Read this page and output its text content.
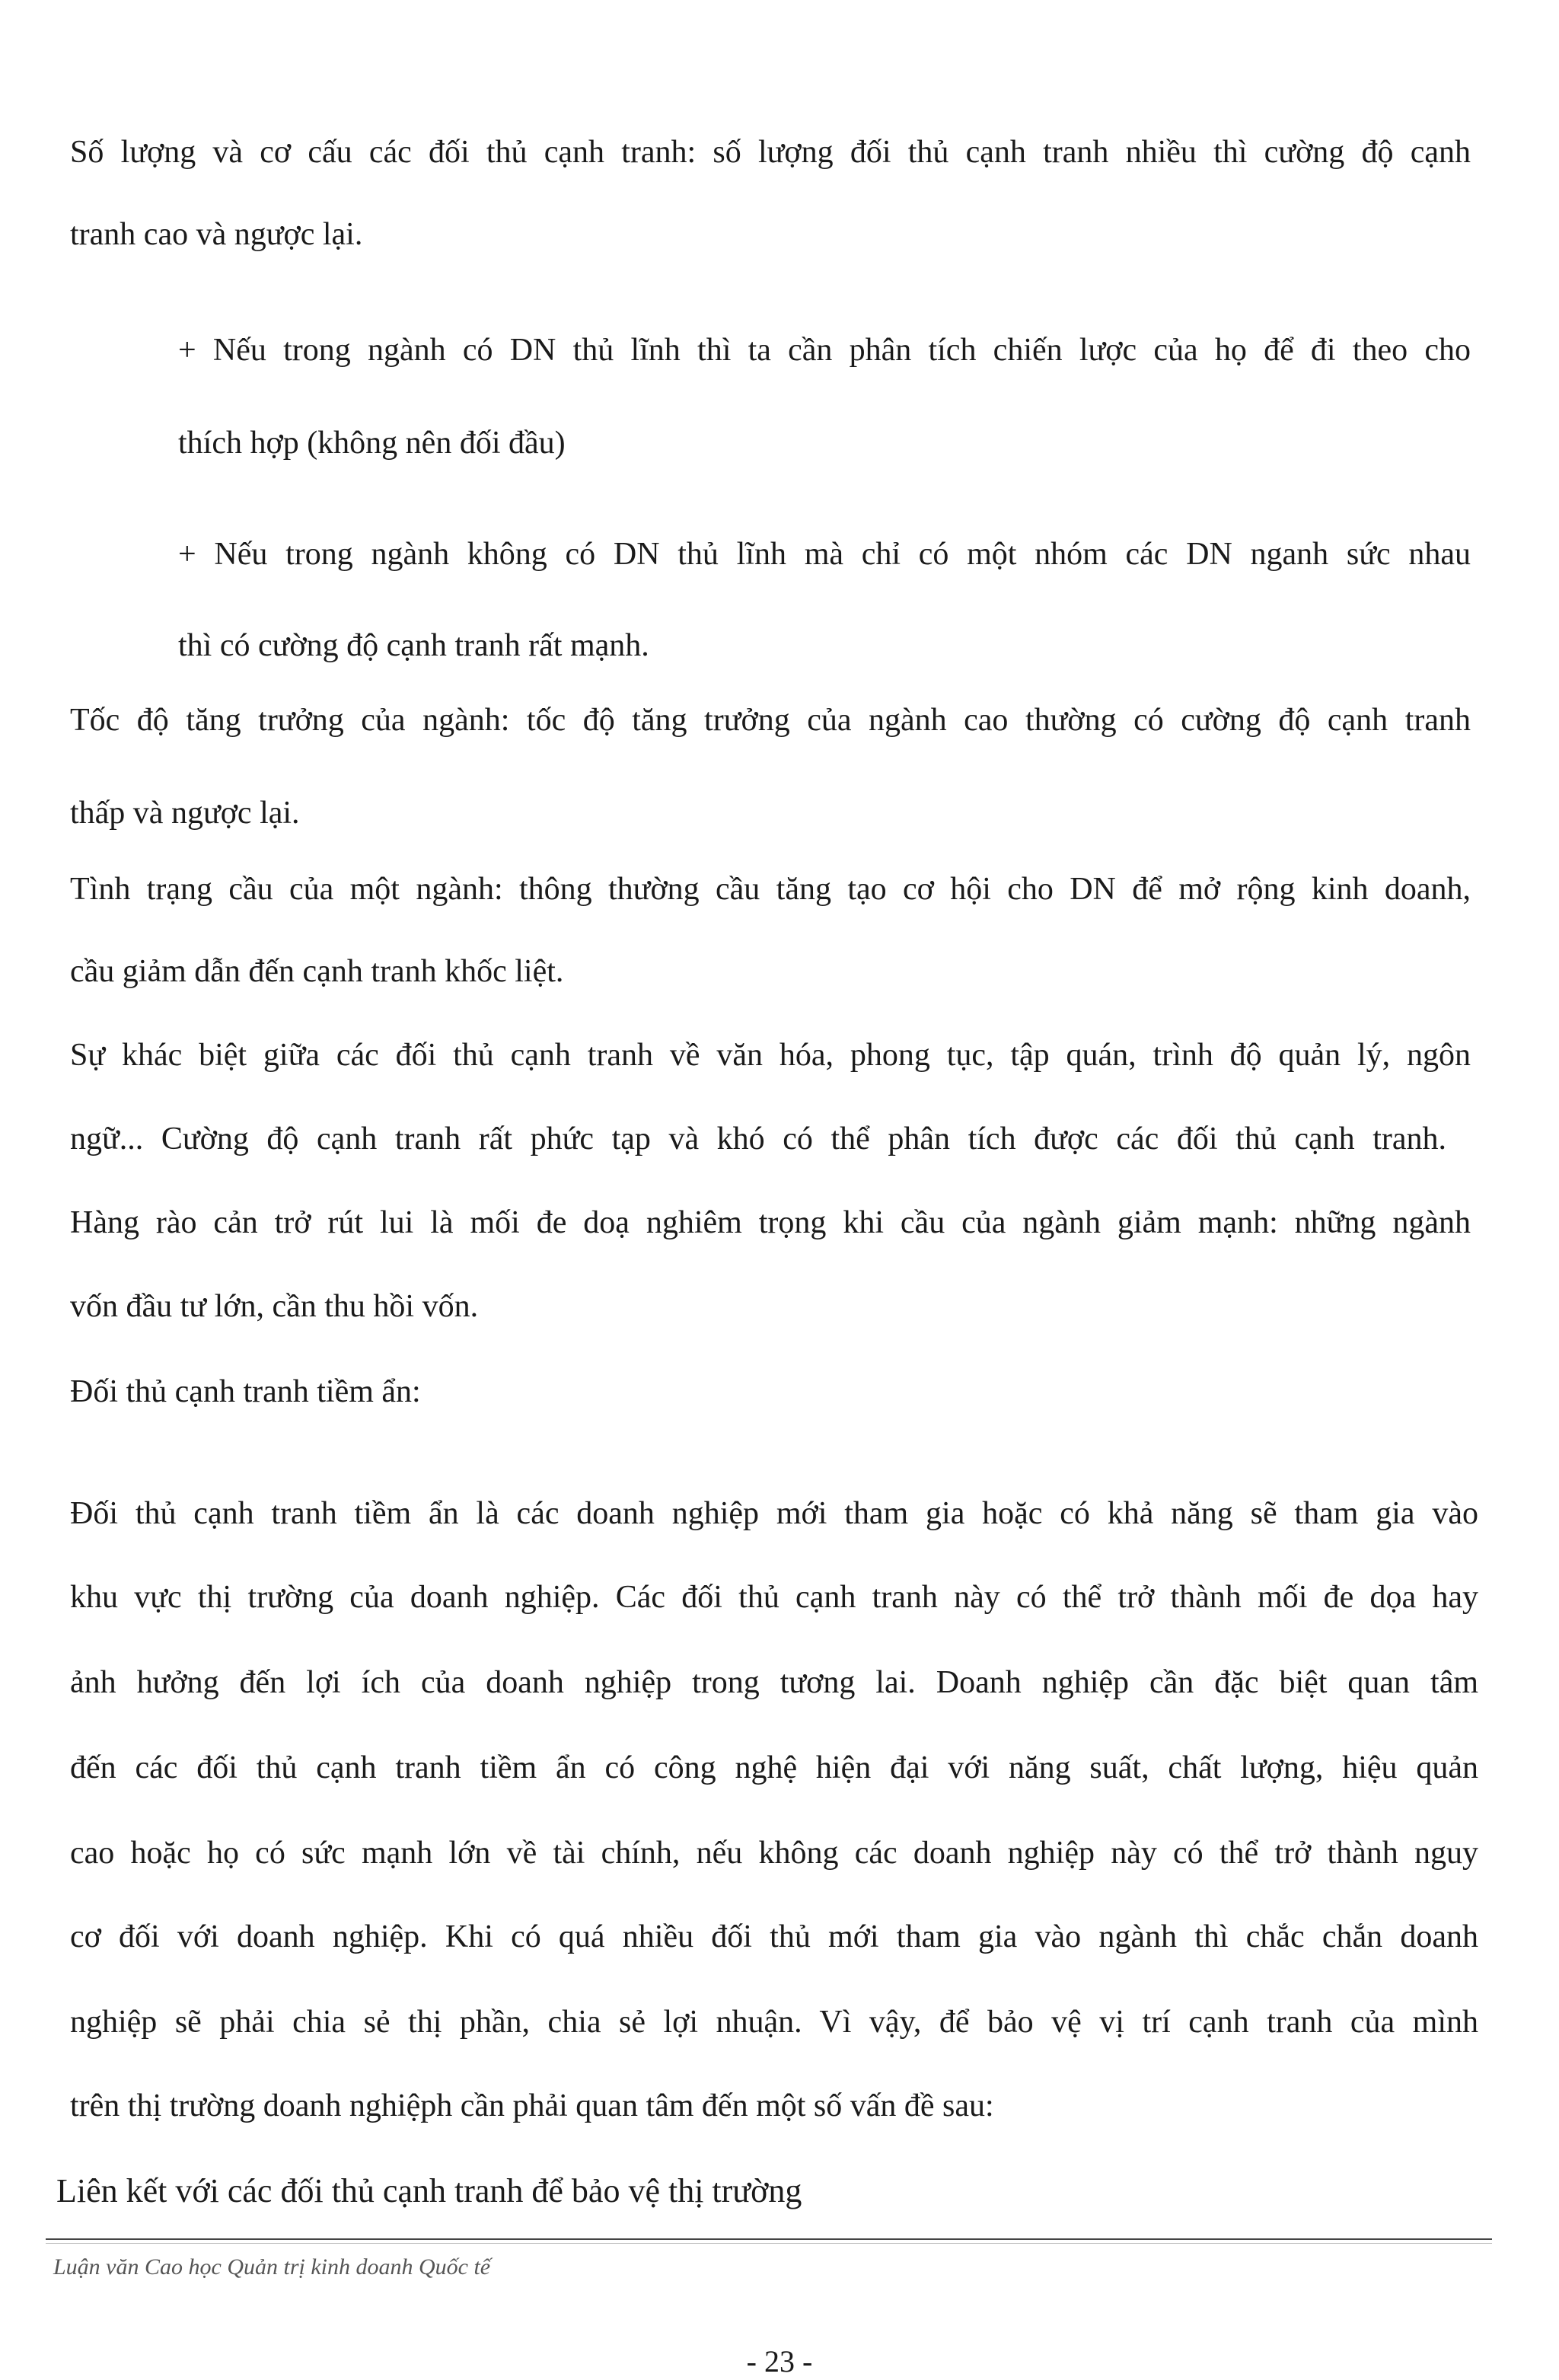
Số lượng và cơ cấu các đối thủ cạnh tranh: số lượng đối thủ cạnh tranh nhiều thì cường độ cạnh
tranh cao và ngược lại.
+ Nếu trong ngành có DN thủ lĩnh thì ta cần phân tích chiến lược của họ để đi theo cho
thích hợp (không nên đối đầu)
+ Nếu trong ngành không có DN thủ lĩnh mà chỉ có một nhóm các DN nganh sức nhau
thì có cường độ cạnh tranh rất mạnh.
Tốc độ tăng trưởng của ngành: tốc độ tăng trưởng của ngành cao thường có cường độ cạnh tranh
thấp và ngược lại.
Tình trạng cầu của một ngành: thông thường cầu tăng tạo cơ hội cho DN để mở rộng kinh doanh,
cầu giảm dẫn đến cạnh tranh khốc liệt.
Sự khác biệt giữa các đối thủ cạnh tranh về văn hóa, phong tục, tập quán, trình độ quản lý, ngôn
ngữ... Cường độ cạnh tranh rất phức tạp và khó có thể phân tích được các đối thủ cạnh tranh.
Hàng rào cản trở rút lui là mối đe doạ nghiêm trọng khi cầu của ngành giảm mạnh: những ngành
vốn đầu tư lớn, cần thu hồi vốn.
Đối thủ cạnh tranh tiềm ẩn:
Đối thủ cạnh tranh tiềm ẩn là các doanh nghiệp mới tham gia hoặc có khả năng sẽ tham gia vào
khu vực thị trường của doanh nghiệp. Các đối thủ cạnh tranh này có thể trở thành mối đe dọa hay
ảnh hưởng đến lợi ích của doanh nghiệp trong tương lai. Doanh nghiệp cần đặc biệt quan tâm
đến các đối thủ cạnh tranh tiềm ẩn có công nghệ hiện đại với năng suất, chất lượng, hiệu quản
cao hoặc họ có sức mạnh lớn về tài chính, nếu không các doanh nghiệp này có thể trở thành nguy
cơ đối với doanh nghiệp. Khi có quá nhiều đối thủ mới tham gia vào ngành thì chắc chắn doanh
nghiệp sẽ phải chia sẻ thị phần, chia sẻ lợi nhuận. Vì vậy, để bảo vệ vị trí cạnh tranh của mình
trên thị trường doanh nghiệph cần phải quan tâm đến một số vấn đề sau:
Liên kết với các đối thủ cạnh tranh để bảo vệ thị trường
Luận văn Cao học Quản trị kinh doanh Quốc tế
- 23 -
